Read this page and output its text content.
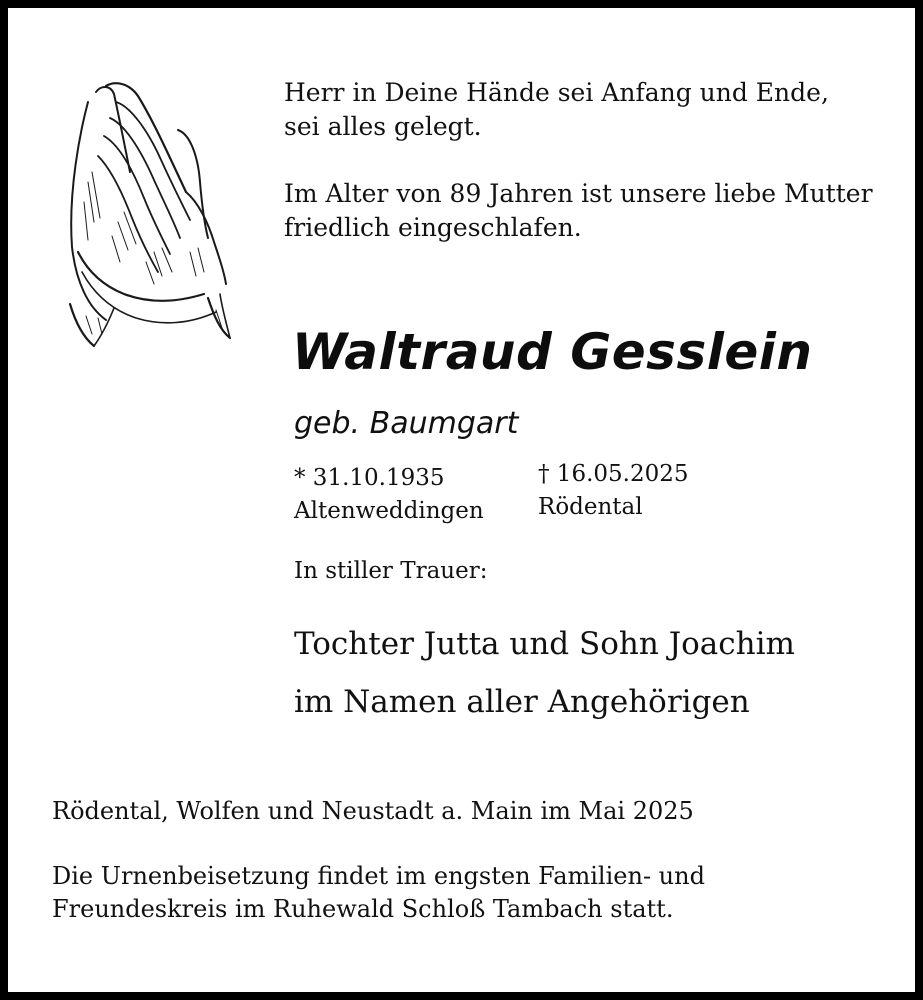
Herr in Deine Hände sei Anfang und Ende,
sei alles gelegt.

Im Alter von 89 Jahren ist unsere liebe Mutter
friedlich eingeschlafen.

Waltraud Gesslein
geb. Baumgart
* 31.10.1935
Altenweddingen
† 16.05.2025
Rödental
In stiller Trauer:
Tochter Jutta und Sohn Joachim
im Namen aller Angehörigen
Rödental, Wolfen und Neustadt a. Main im Mai 2025
Die Urnenbeisetzung findet im engsten Familien- und
Freundeskreis im Ruhewald Schloß Tambach statt.
